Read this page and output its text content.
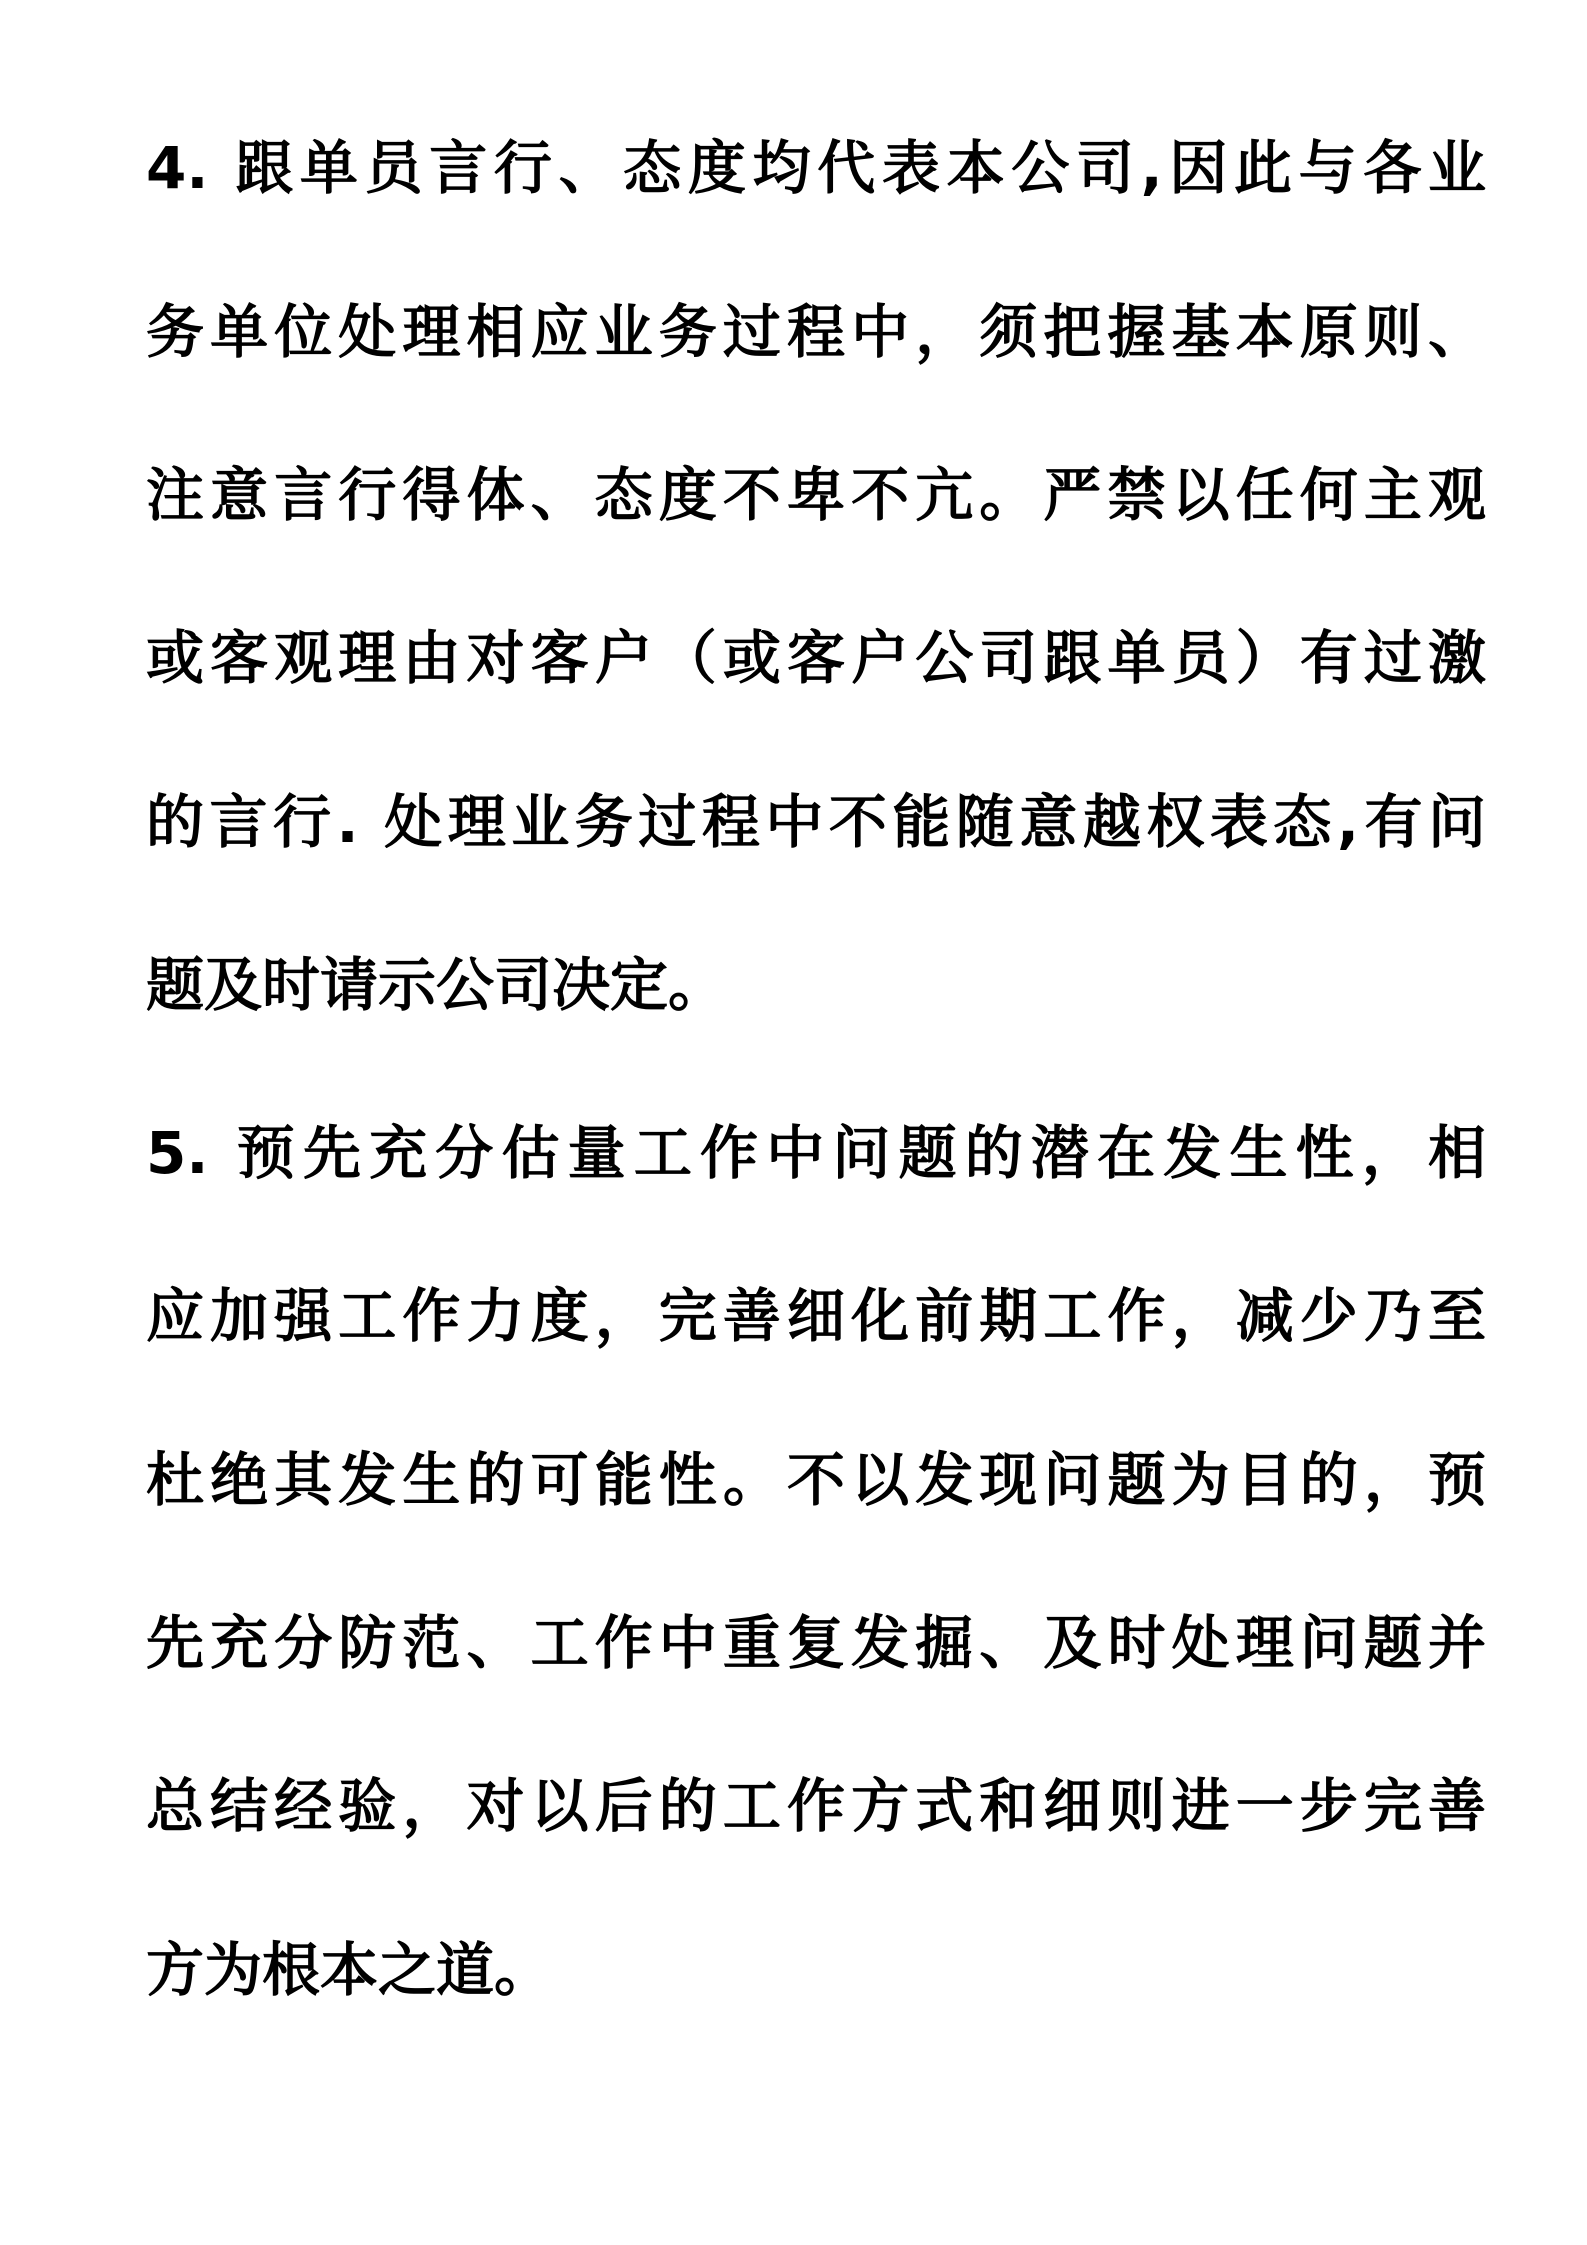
4. 跟单员言行、态度均代表本公司,因此与各业
务单位处理相应业务过程中，须把握基本原则、
注意言行得体、态度不卑不亢。严禁以任何主观
或客观理由对客户（或客户公司跟单员）有过激
的言行. 处理业务过程中不能随意越权表态,有问
题及时请示公司决定。
5. 预先充分估量工作中问题的潜在发生性，相
应加强工作力度，完善细化前期工作，减少乃至
杜绝其发生的可能性。不以发现问题为目的，预
先充分防范、工作中重复发掘、及时处理问题并
总结经验，对以后的工作方式和细则进一步完善
方为根本之道。
